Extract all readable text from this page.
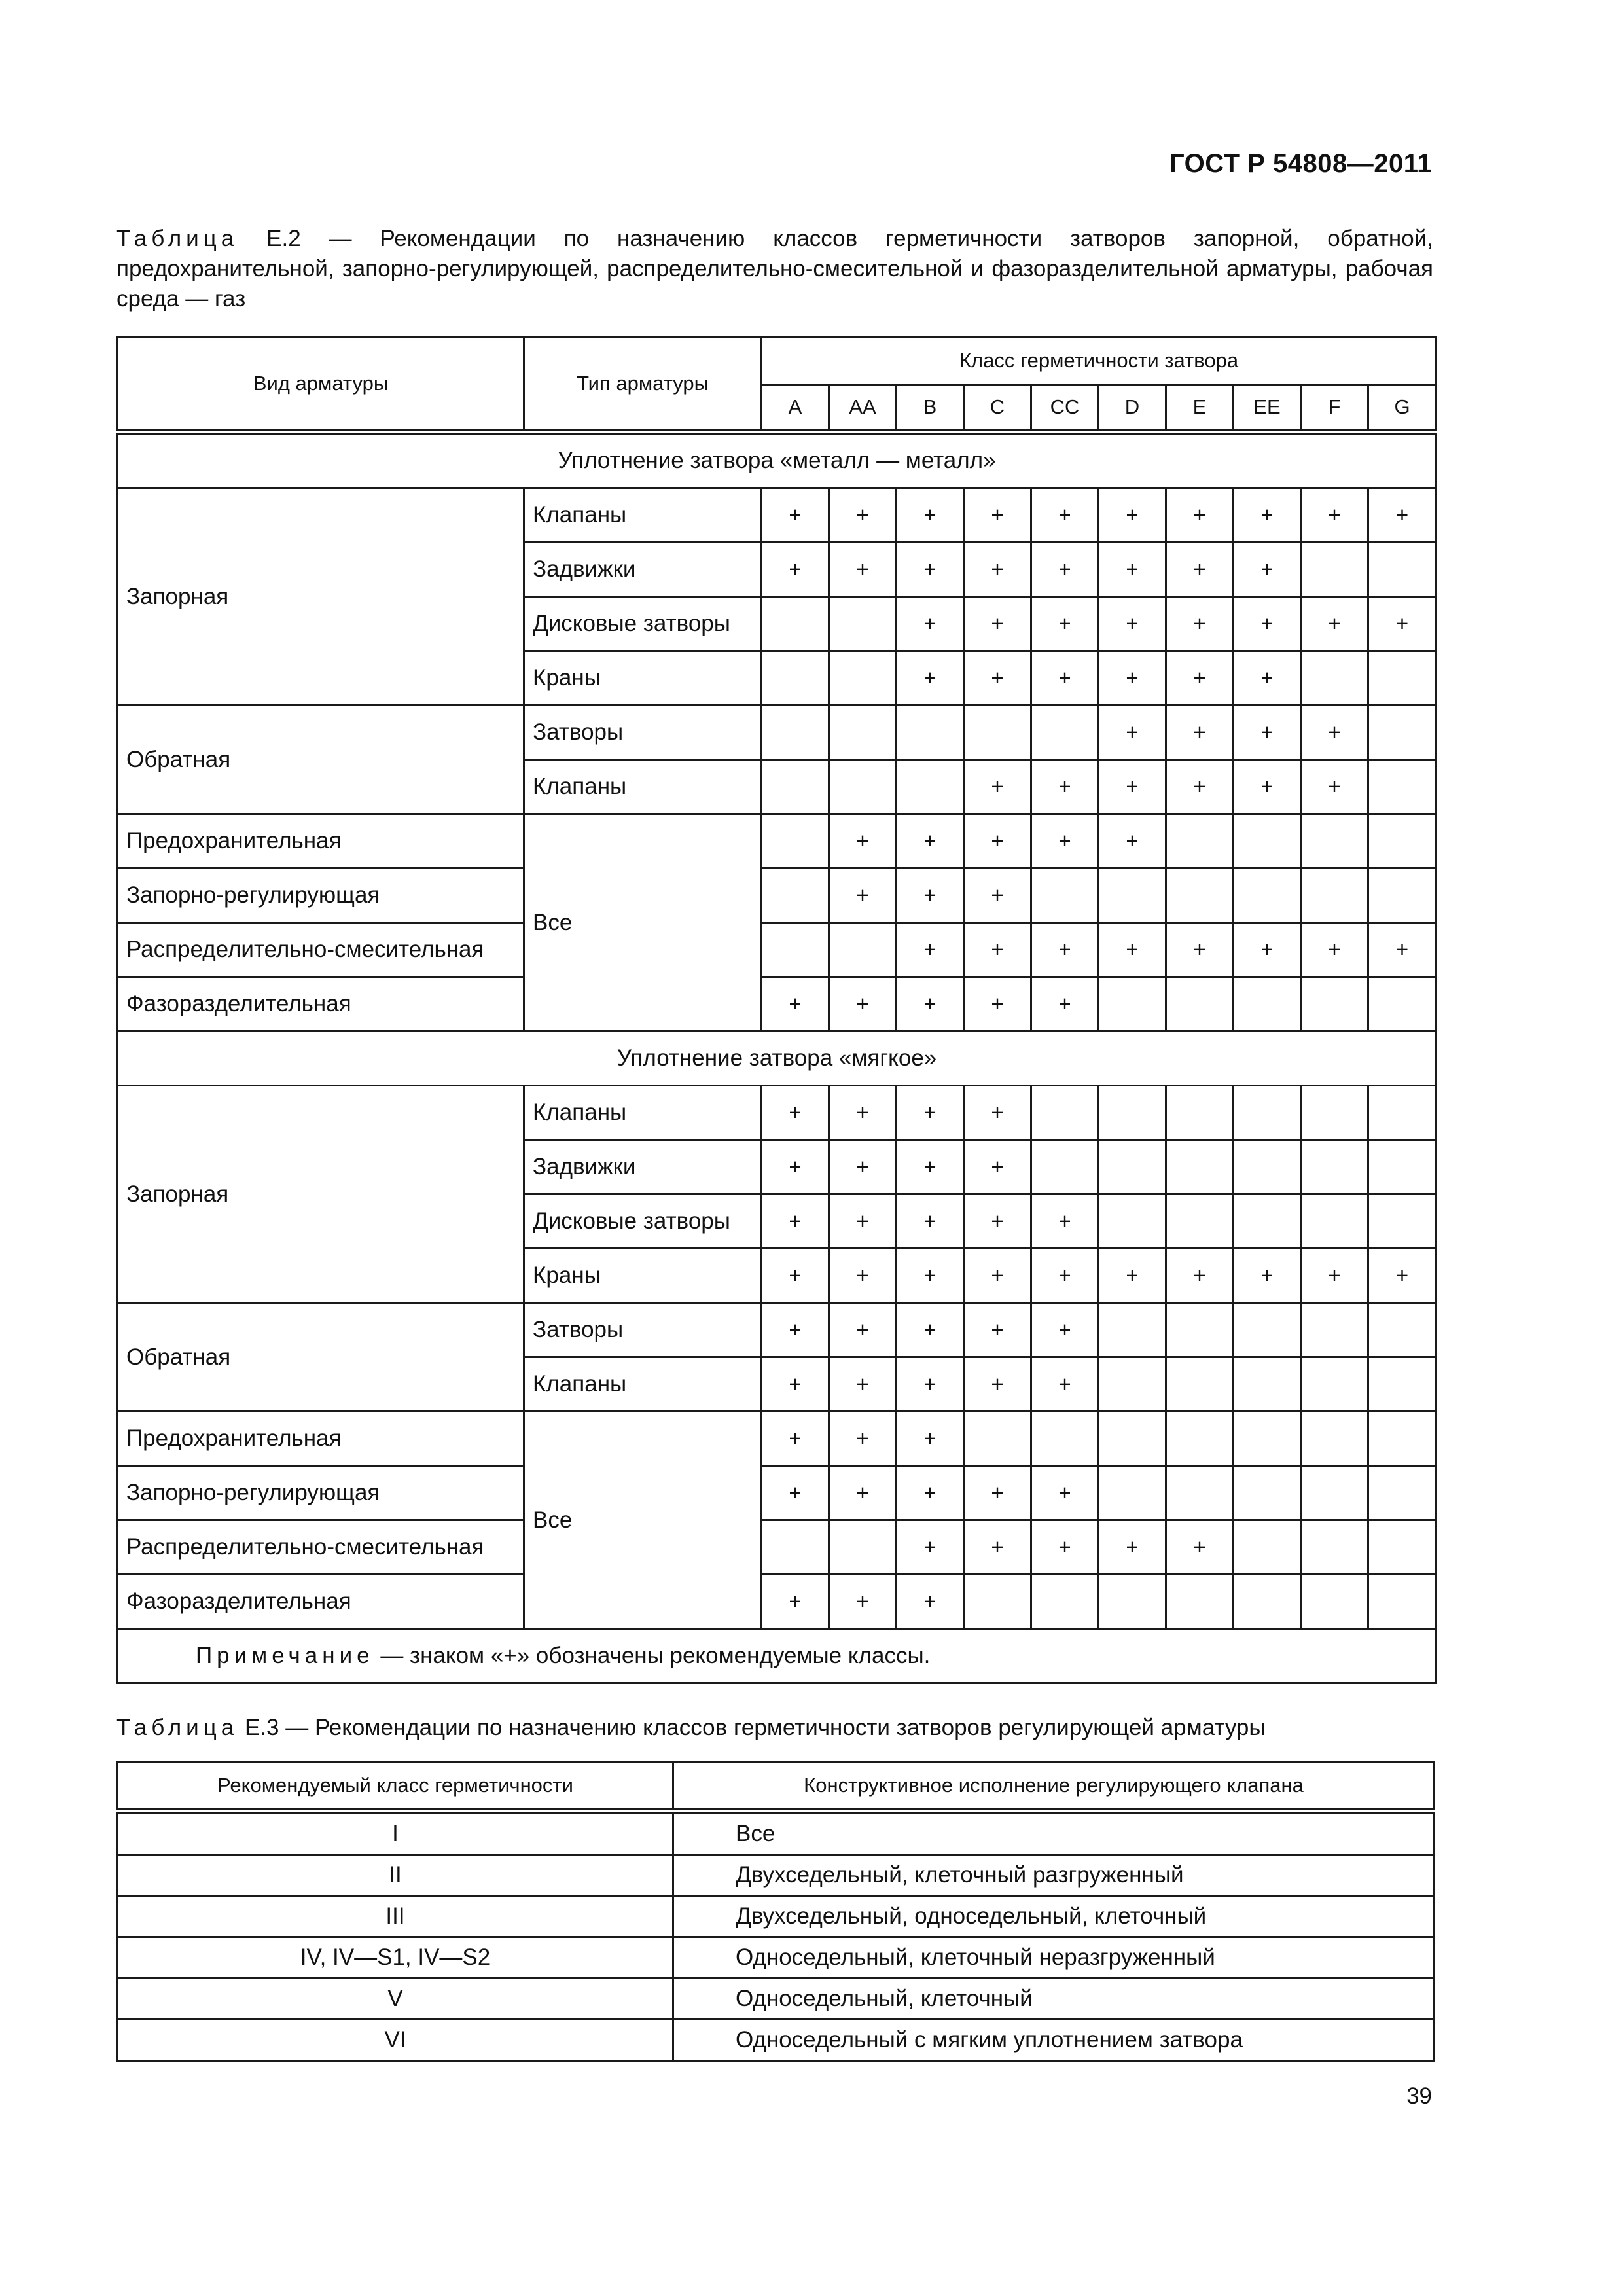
ГОСТ Р 54808—2011
Таблица Е.2 — Рекомендации по назначению классов герметичности затворов запорной, обратной, предохранительной, запорно-регулирующей, распределительно-смесительной и фазоразделительной арматуры, рабочая среда — газ
Вид арматуры	Тип арматуры	Класс герметичности затвора									
		A	AA	B	C	CC	D	E	EE	F	G
Уплотнение затвора «металл — металл»											
Запорная	Клапаны	+	+	+	+	+	+	+	+	+	+
	Задвижки	+	+	+	+	+	+	+	+		
	Дисковые затворы			+	+	+	+	+	+	+	+
	Краны			+	+	+	+	+	+		
Обратная	Затворы						+	+	+	+	
	Клапаны				+	+	+	+	+	+	
Предохранительная	Все		+	+	+	+	+				
Запорно-регулирующая			+	+	+						
Распределительно-смесительная				+	+	+	+	+	+	+	+
Фазоразделительная		+	+	+	+	+					
Уплотнение затвора «мягкое»											
Запорная	Клапаны	+	+	+	+						
	Задвижки	+	+	+	+						
	Дисковые затворы	+	+	+	+	+					
	Краны	+	+	+	+	+	+	+	+	+	+
Обратная	Затворы	+	+	+	+	+					
	Клапаны	+	+	+	+	+					
Предохранительная	Все	+	+	+							
Запорно-регулирующая		+	+	+	+	+					
Распределительно-смесительная				+	+	+	+	+			
Фазоразделительная		+	+	+							
Примечание — знаком «+» обозначены рекомендуемые классы.											
Таблица Е.3 — Рекомендации по назначению классов герметичности затворов регулирующей арматуры
Рекомендуемый класс герметичности	Конструктивное исполнение регулирующего клапана
I	Все
II	Двухседельный, клеточный разгруженный
III	Двухседельный, односедельный, клеточный
IV, IV—S1, IV—S2	Односедельный, клеточный неразгруженный
V	Односедельный, клеточный
VI	Односедельный с мягким уплотнением затвора
39
